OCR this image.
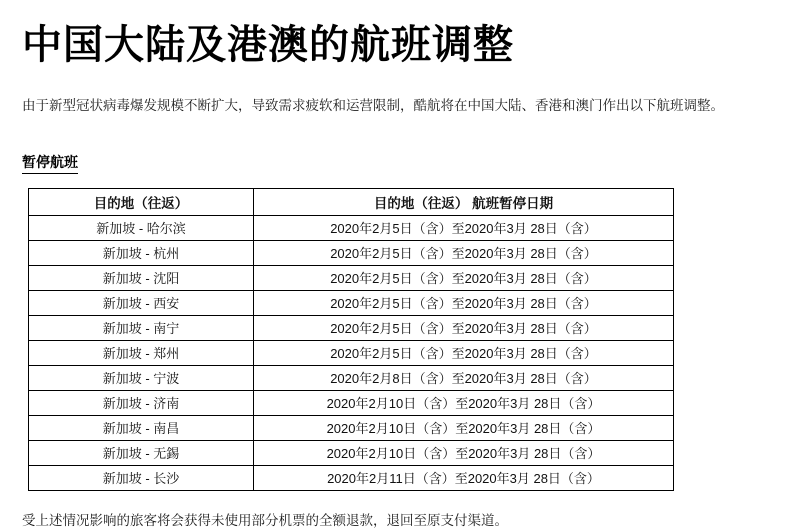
中国大陆及港澳的航班调整

由于新型冠状病毒爆发规模不断扩大，导致需求疲软和运营限制，酷航将在中国大陆、香港和澳门作出以下航班调整。

暂停航班
目的地（往返）	目的地（往返） 航班暂停日期
新加坡 - 哈尔滨	2020年2月5日（含）至2020年3月 28日（含）
新加坡 - 杭州	2020年2月5日（含）至2020年3月 28日（含）
新加坡 - 沈阳	2020年2月5日（含）至2020年3月 28日（含）
新加坡 - 西安	2020年2月5日（含）至2020年3月 28日（含）
新加坡 - 南宁	2020年2月5日（含）至2020年3月 28日（含）
新加坡 - 郑州	2020年2月5日（含）至2020年3月 28日（含）
新加坡 - 宁波	2020年2月8日（含）至2020年3月 28日（含）
新加坡 - 济南	2020年2月10日（含）至2020年3月 28日（含）
新加坡 - 南昌	2020年2月10日（含）至2020年3月 28日（含）
新加坡 - 无錫	2020年2月10日（含）至2020年3月 28日（含）
新加坡 - 长沙	2020年2月11日（含）至2020年3月 28日（含）

受上述情况影响的旅客将会获得未使用部分机票的全额退款，退回至原支付渠道。
